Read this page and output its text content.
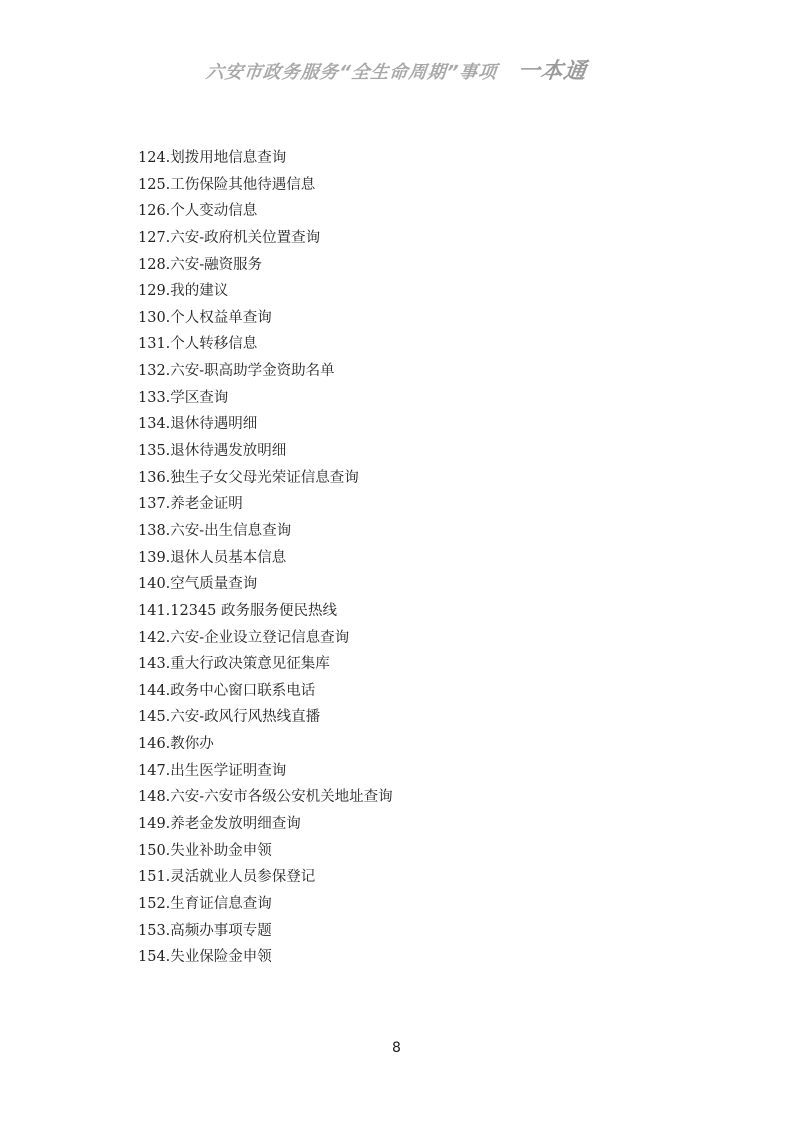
六安市政务服务“全生命周期”事项 一本通
124.划拨用地信息查询
125.工伤保险其他待遇信息
126.个人变动信息
127.六安-政府机关位置查询
128.六安-融资服务
129.我的建议
130.个人权益单查询
131.个人转移信息
132.六安-职高助学金资助名单
133.学区查询
134.退休待遇明细
135.退休待遇发放明细
136.独生子女父母光荣证信息查询
137.养老金证明
138.六安-出生信息查询
139.退休人员基本信息
140.空气质量查询
141.12345 政务服务便民热线
142.六安-企业设立登记信息查询
143.重大行政决策意见征集库
144.政务中心窗口联系电话
145.六安-政风行风热线直播
146.教你办
147.出生医学证明查询
148.六安-六安市各级公安机关地址查询
149.养老金发放明细查询
150.失业补助金申领
151.灵活就业人员参保登记
152.生育证信息查询
153.高频办事项专题
154.失业保险金申领
8
